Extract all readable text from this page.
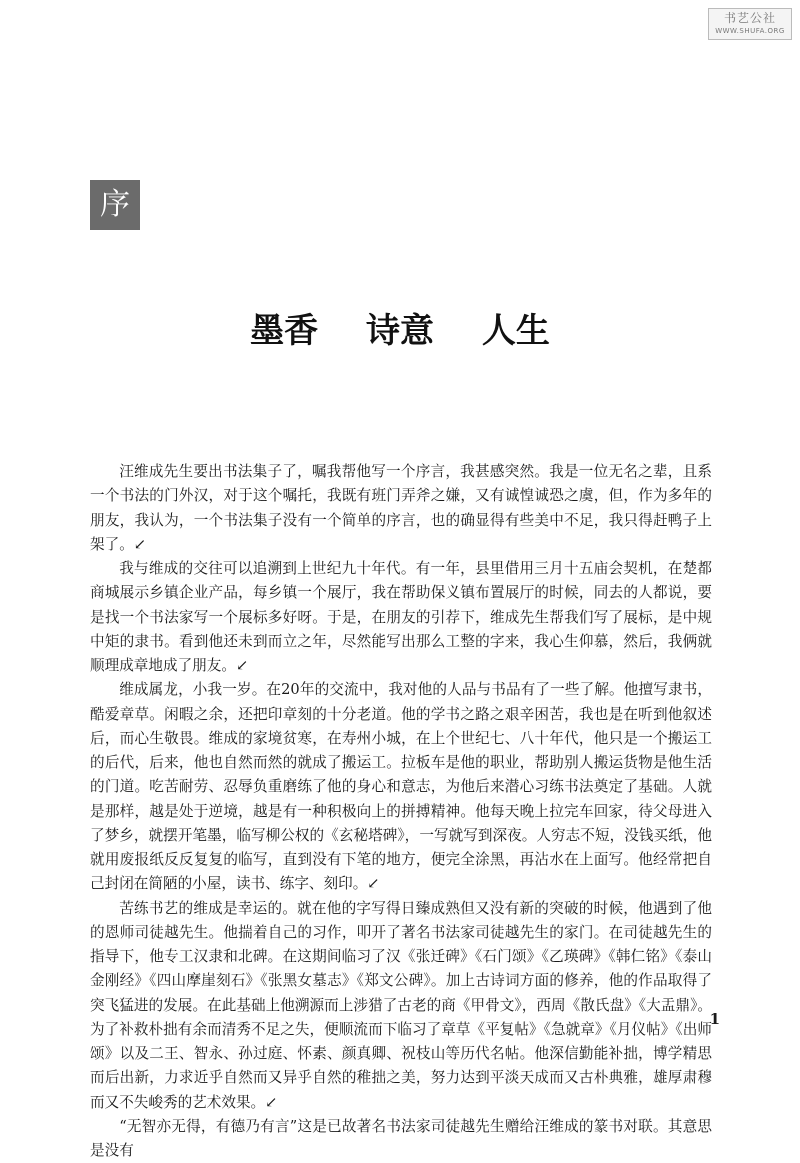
书艺公社
WWW.SHUFA.ORG
序
墨香 诗意 人生

汪维成先生要出书法集子了，嘱我帮他写一个序言，我甚感突然。我是一位无名之辈，且系一个书法的门外汉，对于这个嘱托，我既有班门弄斧之嫌，又有诚惶诚恐之虞，但，作为多年的朋友，我认为，一个书法集子没有一个简单的序言，也的确显得有些美中不足，我只得赶鸭子上架了。↙

我与维成的交往可以追溯到上世纪九十年代。有一年，县里借用三月十五庙会契机，在楚都商城展示乡镇企业产品，每乡镇一个展厅，我在帮助保义镇布置展厅的时候，同去的人都说，要是找一个书法家写一个展标多好呀。于是，在朋友的引荐下，维成先生帮我们写了展标，是中规中矩的隶书。看到他还未到而立之年，尽然能写出那么工整的字来，我心生仰慕，然后，我俩就顺理成章地成了朋友。↙

维成属龙，小我一岁。在20年的交流中，我对他的人品与书品有了一些了解。他擅写隶书，酷爱章草。闲暇之余，还把印章刻的十分老道。他的学书之路之艰辛困苦，我也是在听到他叙述后，而心生敬畏。维成的家境贫寒，在寿州小城，在上个世纪七、八十年代，他只是一个搬运工的后代，后来，他也自然而然的就成了搬运工。拉板车是他的职业，帮助别人搬运货物是他生活的门道。吃苦耐劳、忍辱负重磨练了他的身心和意志，为他后来潜心习练书法奠定了基础。人就是那样，越是处于逆境，越是有一种积极向上的拼搏精神。他每天晚上拉完车回家，待父母进入了梦乡，就摆开笔墨，临写柳公权的《玄秘塔碑》，一写就写到深夜。人穷志不短，没钱买纸，他就用废报纸反反复复的临写，直到没有下笔的地方，便完全涂黑，再沾水在上面写。他经常把自己封闭在简陋的小屋，读书、练字、刻印。↙

苦练书艺的维成是幸运的。就在他的字写得日臻成熟但又没有新的突破的时候，他遇到了他的恩师司徒越先生。他揣着自己的习作，叩开了著名书法家司徒越先生的家门。在司徒越先生的指导下，他专工汉隶和北碑。在这期间临习了汉《张迁碑》《石门颂》《乙瑛碑》《韩仁铭》《泰山金刚经》《四山摩崖刻石》《张黑女墓志》《郑文公碑》。加上古诗词方面的修养，他的作品取得了突飞猛进的发展。在此基础上他溯源而上涉猎了古老的商《甲骨文》，西周《散氏盘》《大盂鼎》。为了补救朴拙有余而清秀不足之失，便顺流而下临习了章草《平复帖》《急就章》《月仪帖》《出师颂》以及二王、智永、孙过庭、怀素、颜真卿、祝枝山等历代名帖。他深信勤能补拙，博学精思而后出新，力求近乎自然而又异乎自然的稚拙之美，努力达到平淡天成而又古朴典雅，雄厚肃穆而又不失峻秀的艺术效果。↙

“无智亦无得，有德乃有言”这是已故著名书法家司徒越先生赠给汪维成的篆书对联。其意思是没有

1
